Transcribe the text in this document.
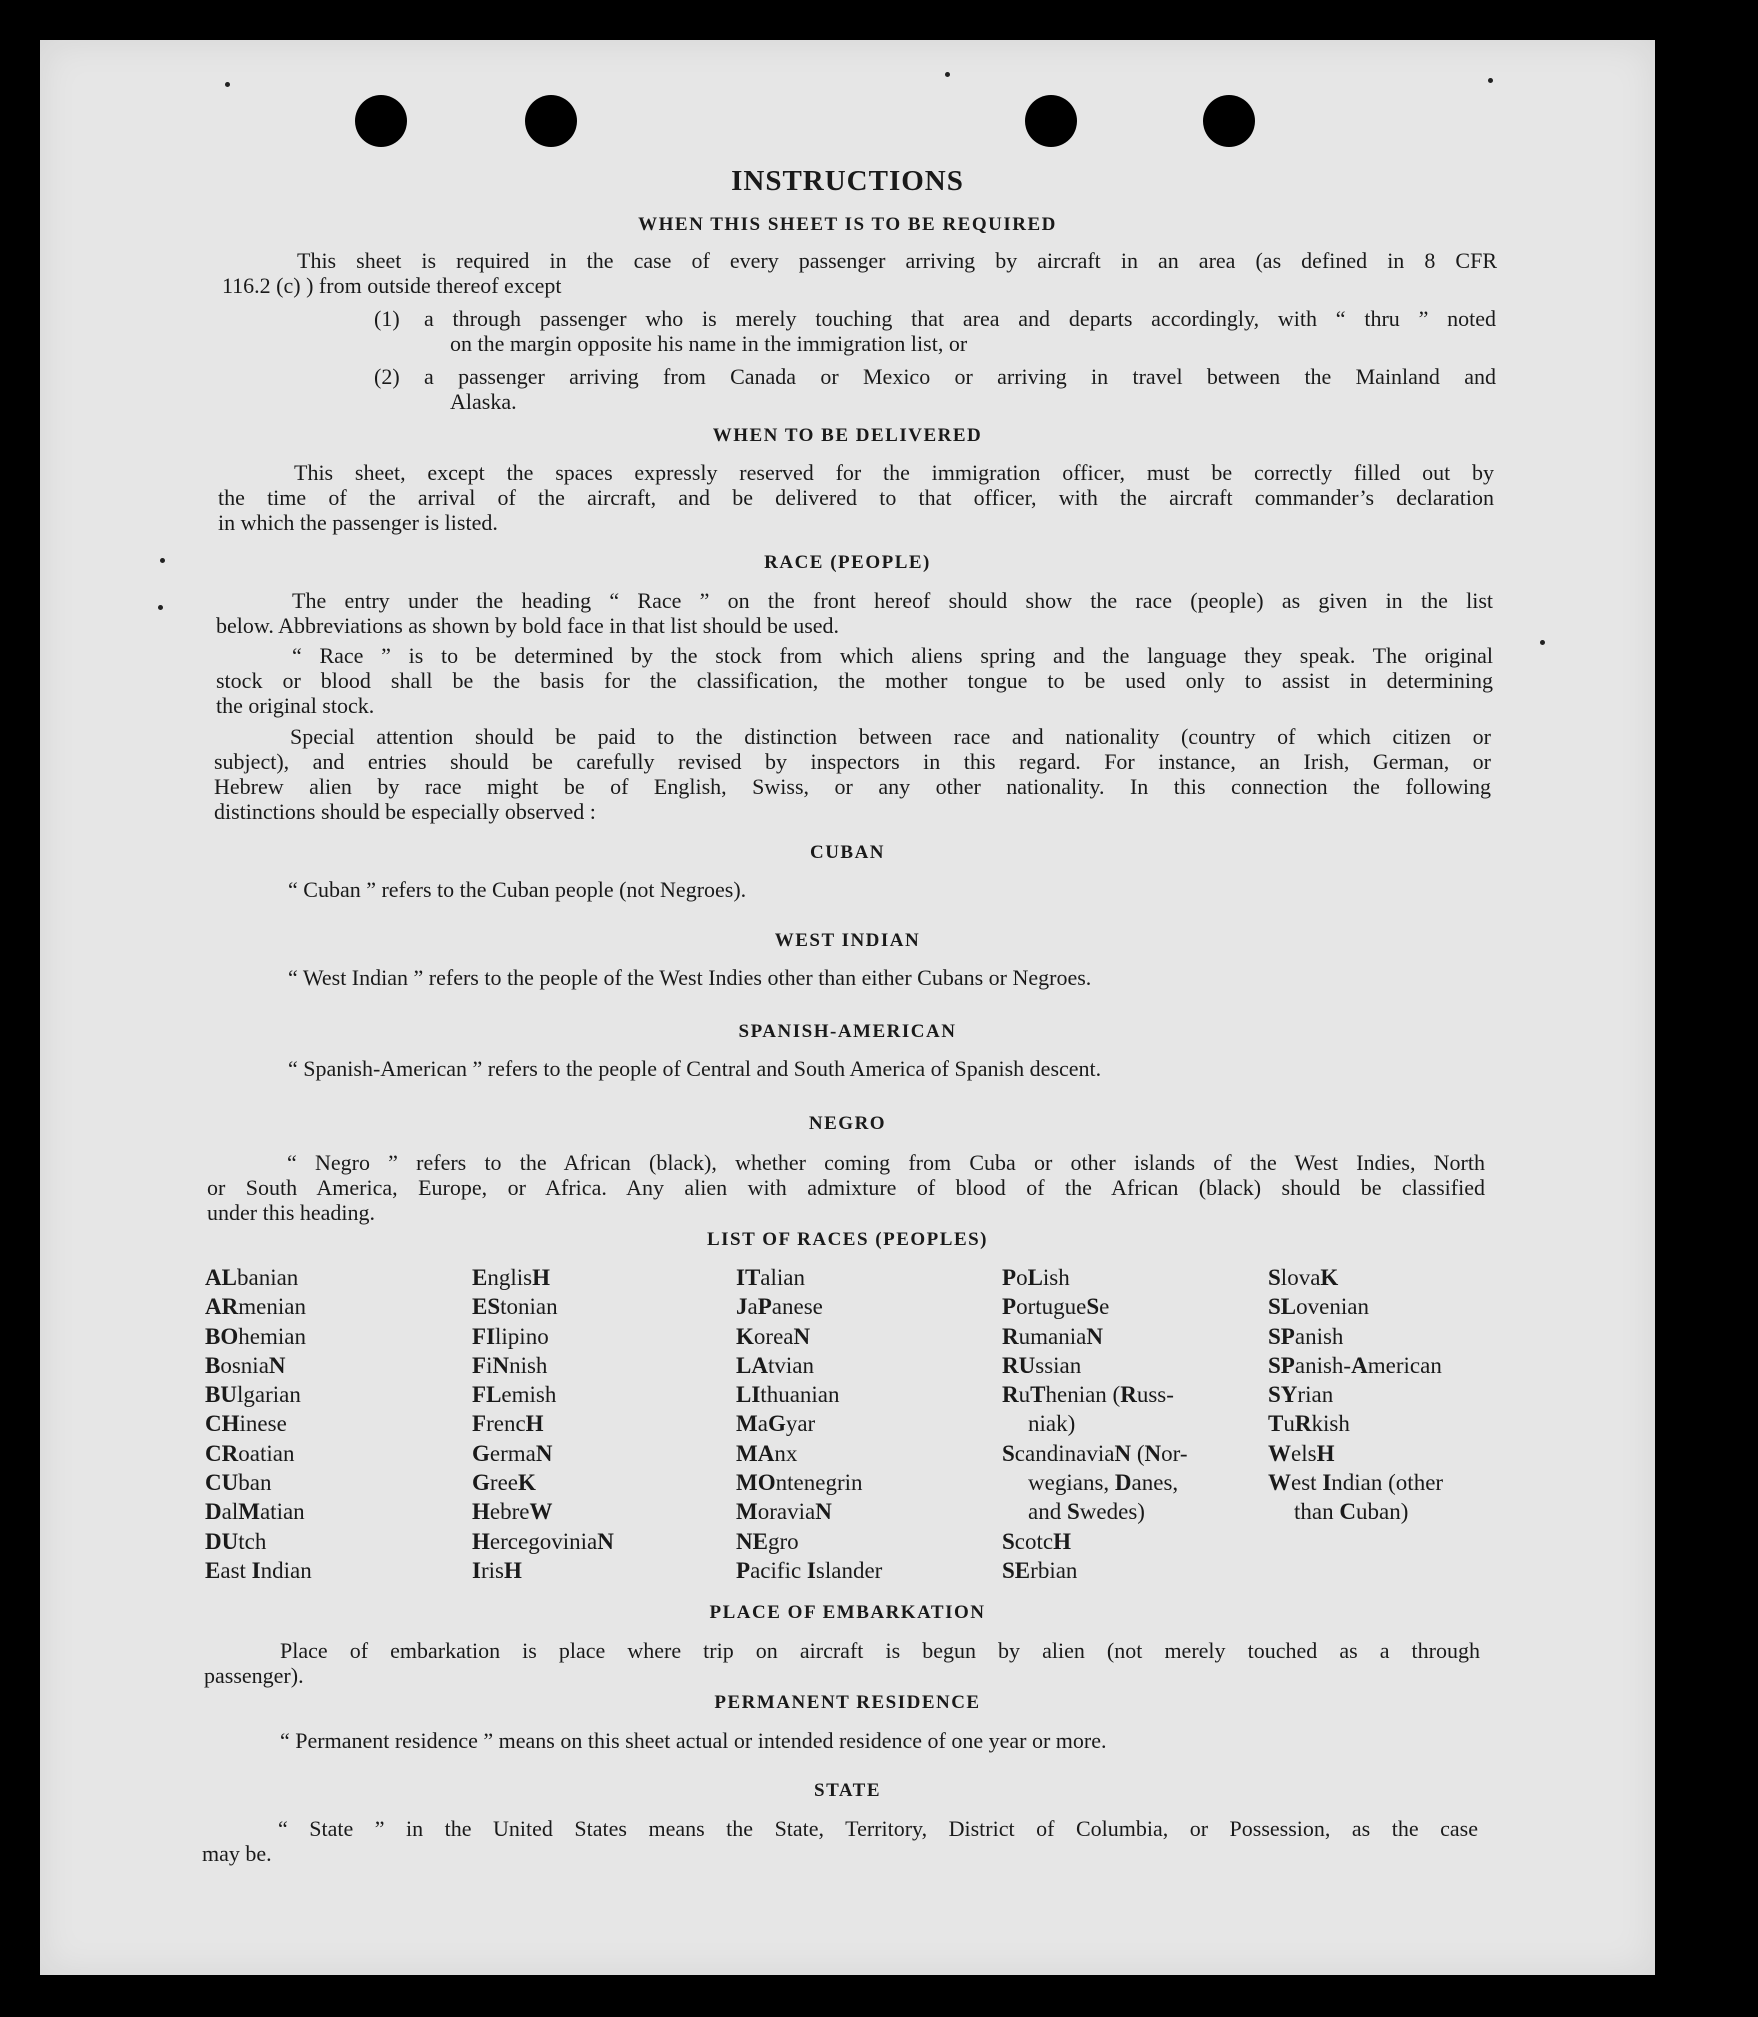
INSTRUCTIONS
WHEN THIS SHEET IS TO BE REQUIRED
This sheet is required in the case of every passenger arriving by aircraft in an area (as defined in 8 CFR
116.2 (c) ) from outside thereof except
(1) a through passenger who is merely touching that area and departs accordingly, with “ thru ” noted
on the margin opposite his name in the immigration list, or
(2) a passenger arriving from Canada or Mexico or arriving in travel between the Mainland and
Alaska.
WHEN TO BE DELIVERED
This sheet, except the spaces expressly reserved for the immigration officer, must be correctly filled out by
the time of the arrival of the aircraft, and be delivered to that officer, with the aircraft commander’s declaration
in which the passenger is listed.
RACE (PEOPLE)
The entry under the heading “ Race ” on the front hereof should show the race (people) as given in the list
below. Abbreviations as shown by bold face in that list should be used.
“ Race ” is to be determined by the stock from which aliens spring and the language they speak. The original
stock or blood shall be the basis for the classification, the mother tongue to be used only to assist in determining
the original stock.
Special attention should be paid to the distinction between race and nationality (country of which citizen or
subject), and entries should be carefully revised by inspectors in this regard. For instance, an Irish, German, or
Hebrew alien by race might be of English, Swiss, or any other nationality. In this connection the following
distinctions should be especially observed :
CUBAN
“ Cuban ” refers to the Cuban people (not Negroes).
WEST INDIAN
“ West Indian ” refers to the people of the West Indies other than either Cubans or Negroes.
SPANISH-AMERICAN
“ Spanish-American ” refers to the people of Central and South America of Spanish descent.
NEGRO
“ Negro ” refers to the African (black), whether coming from Cuba or other islands of the West Indies, North
or South America, Europe, or Africa. Any alien with admixture of blood of the African (black) should be classified
under this heading.
LIST OF RACES (PEOPLES)
ALbanian
ARmenian
BOhemian
BosniaN
BUlgarian
CHinese
CRoatian
CUban
DalMatian
DUtch
East Indian
EnglisH
EStonian
FIlipino
FiNnish
FLemish
FrencH
GermaN
GreeK
HebreW
HercegoviniaN
IrisH
ITalian
JaPanese
KoreaN
LAtvian
LIthuanian
MaGyar
MAnx
MOntenegrin
MoraviaN
NEgro
Pacific Islander
PoLish
PortugueSe
RumaniaN
RUssian
RuThenian (Russ-
niak)
ScandinaviaN (Nor-
wegians, Danes,
and Swedes)
ScotcH
SErbian
SlovaK
SLovenian
SPanish
SPanish-American
SYrian
TuRkish
WelsH
West Indian (other
than Cuban)
PLACE OF EMBARKATION
Place of embarkation is place where trip on aircraft is begun by alien (not merely touched as a through
passenger).
PERMANENT RESIDENCE
“ Permanent residence ” means on this sheet actual or intended residence of one year or more.
STATE
“ State ” in the United States means the State, Territory, District of Columbia, or Possession, as the case
may be.
